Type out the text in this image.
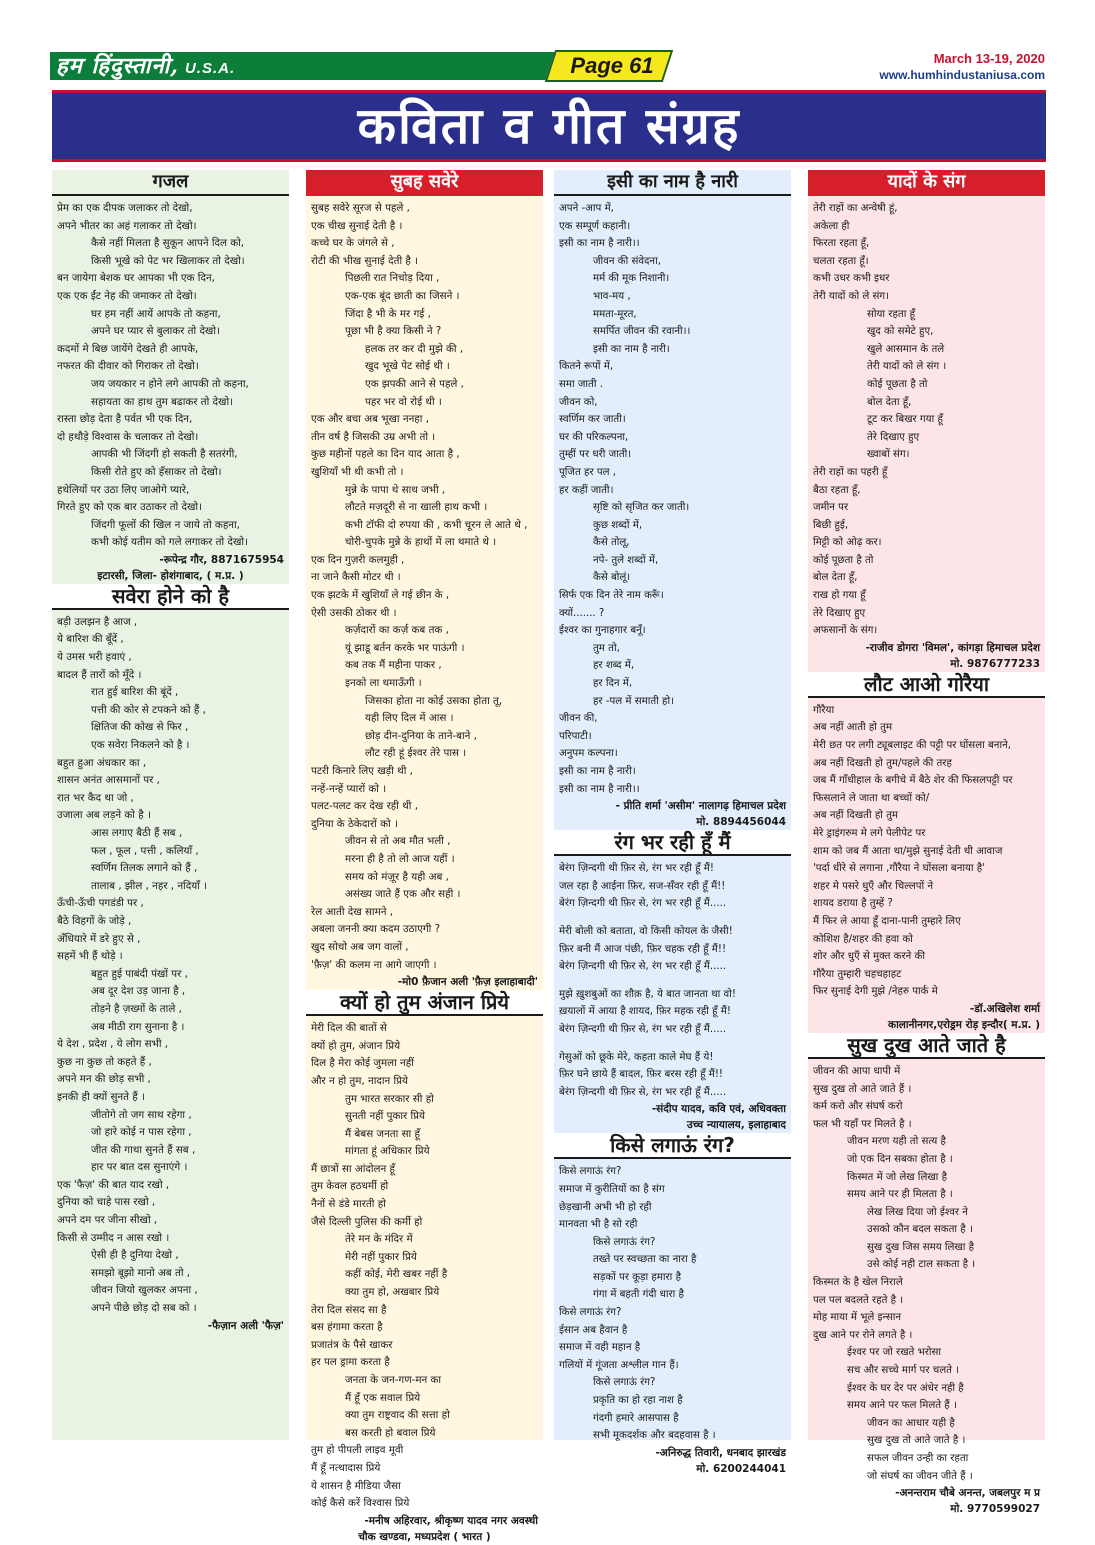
हम हिंदुस्तानी, U.S.A.	Page 61	March 13-19, 2020
www.humhindustaniusa.com
कविता व गीत संग्रह
गजल

प्रेम का एक दीपक जलाकर तो देखो,

अपने भीतर का अहं गलाकर तो देखो।

कैसे नहीं मिलता है सुकून आपने दिल को,

किसी भूखे को पेट भर खिलाकर तो देखो।

बन जायेगा बेशक घर आपका भी एक दिन,

एक एक ईंट नेह की जमाकर तो देखो।

घर हम नहीं आयें आपके तो कहना,

अपने घर प्यार से बुलाकर तो देखो।

कदमों मे बिछ जायेंगे देखते ही आपके,

नफरत की दीवार को गिराकर तो देखो।

जय जयकार न होने लगे आपकी तो कहना,

सहायता का हाथ तुम बढाकर तो देखो।

रास्ता छोड़ देता है पर्वत भी एक दिन,

दो हथौड़े विश्वास के चलाकर तो देखो।

आपकी भी जिंदगी हो सकती है सतरंगी,

किसी रोते हुए को हँसाकर तो देखो।

हथेलियों पर उठा लिए जाओगे प्यारे,

गिरते हुए को एक बार उठाकर तो देखो।

जिंदगी फूलों की खिल न जाये तो कहना,

कभी कोई यतीम को गले लगाकर तो देखो।

-रूपेन्द्र गौर, 8871675954
इटारसी, जिला- होशंगाबाद, ( म.प्र. )
सवेरा होने को है

बड़ी उलझन है आज ,

ये बारिश की बूँदें ,

ये उमस भरी हवाएं ,

बादल हैं तारों को मूँदे ।

रात हुई बारिश की बूंदें ,

पत्ती की कोर से टपकने को हैं ,

क्षितिज की कोख से फिर ,

एक सवेरा निकलने को है ।

बहुत हुआ अंधकार का ,

शासन अनंत आसमानों पर ,

रात भर कैद था जो ,

उजाला अब लड़ने को है ।

आस लगाए बैठी हैं सब ,

फल , फूल , पत्ती , कलियाँ ,

स्वर्णिम तिलक लगाने को हैं ,

तालाब , झील , नहर , नदियाँ ।

ऊँची-ऊँची पगडंडी पर ,

बैठे विहगों के जोड़े ,

अँधियारे में डरे हुए से ,

सहमें भी हैं थोड़े ।

बहुत हुई पाबंदी पंखों पर ,

अब दूर देश उड़ जाना है ,

तोड़ने है ज़ख्मों के ताले ,

अब मीठी राग सुनाना है ।

ये देश , प्रदेश , ये लोग सभी ,

कुछ ना कुछ तो कहते हैं ,

अपने मन की छोड़ सभी ,

इनकी ही क्यों सुनते हैं ।

जीतोगे तो जग साथ रहेगा ,

जो हारे कोई न पास रहेगा ,

जीत की गाथा सुनते हैं सब ,

हार पर बात दस सुनाएंगे ।

एक 'फैज़' की बात याद रखो ,

दुनिया को चाहे पास रखो ,

अपने दम पर जीना सीखो ,

किसी से उम्मीद न आस रखो ।

ऐसी ही है दुनिया देखो ,

समझो बूझो मानो अब तो ,

जीवन जियो खुलकर अपना ,

अपने पीछे छोड़ दो सब को ।

-फैज़ान अली 'फैज़'
सुबह सवेरे

सुबह सवेरे सूरज से पहले ,

एक चीख सुनाई देती है ।

कच्चे घर के जंगले से ,

रोटी की भीख सुनाई देती है ।

पिछली रात निचोड़ दिया ,

एक-एक बूंद छाती का जिसने ।

जिंदा है भी के मर गई ,

पूछा भी है क्या किसी ने ?

हलक तर कर दी मुझे की ,

खुद भूखे पेट सोई थी ।

एक झपकी आने से पहले ,

पहर भर वो रोई थी ।

एक और बचा अब भूखा ननहा ,

तीन वर्ष है जिसकी उम्र अभी तो ।

कुछ महीनों पहले का दिन याद आता है ,

खुशियाँ भी थी कभी तो ।

मुन्ने के पापा थे साथ जभी ,

लौटते मज़दूरी से ना खाली हाथ कभी ।

कभी टॉफी दो रुपया की , कभी चूरन ले आते थे ,

चोरी-चुपके मुन्ने के हाथों में ला थमाते थे ।

एक दिन गुज़री कलमुही ,

ना जाने कैसी मोटर थी ।

एक झटके में खुशियाँ ले गई छीन के ,

ऐसी उसकी ठोकर थी ।

कर्ज़दारों का कर्ज़ कब तक ,

यूं झाडू बर्तन करके भर पाऊंगी ।

कब तक मैं महीना पाकर ,

इनको ला थमाऊँगी ।

जिसका होता ना कोई उसका होता तू,

यही लिए दिल में आस ।

छोड़ दीन-दुनिया के ताने-बाने ,

लौट रही हूं ईश्वर तेरे पास ।

पटरी किनारे लिए खड़ी थी ,

नन्हें-नन्हें प्यारों को ।

पलट-पलट कर देख रही थी ,

दुनिया के ठेकेदारों को ।

जीवन से तो अब मौत भली ,

मरना ही है तो लो आज यहीं ।

समय को मंज़ूर है यही अब ,

असंख्य जाते हैं एक और सही ।

रेल आती देख सामने ,

अबला जननी क्या कदम उठाएगी ?

खुद सोचो अब जग वालों ,

'फ़ैज़' की कलम ना आगे जाएगी ।

-मो0 फ़ैजान अली 'फ़ैज़ इलाहाबादी'
क्यों हो तुम अंजान प्रिये

मेरी दिल की बातों से

क्यों हो तुम, अंजान प्रिये

दिल है मेरा कोई जुमला नहीं

और न हो तुम, नादान प्रिये

तुम भारत सरकार सी हो

सुनती नहीं पुकार प्रिये

मैं बेबस जनता सा हूँ

मांगता हूं अधिकार प्रिये

मैं छात्रों सा आंदोलन हूँ

तुम केवल हठधर्मी हो

नैनों से डंडे मारती हो

जैसे दिल्ली पुलिस की कर्मी हो

तेरे मन के मंदिर में

मेरी नहीं पुकार प्रिये

कहीं कोई, मेरी खबर नहीं है

क्या तुम हो, अखबार प्रिये

तेरा दिल संसद सा है

बस हंगामा करता है

प्रजातंत्र के पैसे खाकर

हर पल ड्रामा करता है

जनता के जन-गण-मन का

मैं हूँ एक सवाल प्रिये

क्या तुम राष्ट्रवाद की सत्ता हो

बस करती हो बवाल प्रिये

तुम हो पीपली लाइव मूवी

मैं हूँ नत्थादास प्रिये

ये शासन है मीडिया जैसा

कोई कैसे करें विश्वास प्रिये

-मनीष अहिरवार, श्रीकृष्ण यादव नगर अवस्थी
चौक खण्डवा, मध्यप्रदेश ( भारत )
इसी का नाम है नारी

अपने -आप में,

एक सम्पूर्ण कहानी।

इसी का नाम है नारी।।

जीवन की संवेदना,

मर्म की मूक निशानी।

भाव-मय ,

ममता-मूरत,

समर्पित जीवन की रवानी।।

इसी का नाम है नारी।

कितने रूपों में,

समा जाती .

जीवन को,

स्वर्णिम कर जाती।

घर की परिकल्पना,

तुम्हीं पर धरी जाती।

पूजित हर पल ,

हर कहीं जाती।

सृष्टि को सृजित कर जाती।

कुछ शब्दों में,

कैसे तोलू,

नपे- तुले शब्दों में,

कैसे बोलूं।

सिर्फ एक दिन तेरे नाम करूँ।

क्यों....... ?

ईश्वर का गुनाहगार बनूँ।

तुम तो,

हर शब्द में,

हर दिन में,

हर -पल में समाती हो।

जीवन की,

परिपाटी।

अनुपम कल्पना।

इसी का नाम है नारी।

इसी का नाम है नारी।।

- प्रीति शर्मा 'असीम' नालागढ़ हिमाचल प्रदेश
मो. 8894456044
रंग भर रही हूँ मैं

बेरंग ज़िन्दगी थी फ़िर से, रंग भर रही हूँ मैं!

जल रहा है आईना फ़िर, सज-सँवर रही हूँ मैं!!

बेरंग ज़िन्दगी थी फ़िर से, रंग भर रही हूँ मैं.....

मेरी बोली को बताता, वो किसी कोयल के जैसी!

फ़िर बनी मैं आज पंछी, फ़िर चहक रही हूँ मैं!!

बेरंग ज़िन्दगी थी फ़िर से, रंग भर रही हूँ मैं.....

मुझे ख़ुशबुओं का शौक़ है, ये बात जानता था वो!

ख़यालों में आया है शायद, फ़िर महक रही हूँ मैं!

बेरंग ज़िन्दगी थी फ़िर से, रंग भर रही हूँ मैं.....

गेसुओं को छूके मेरे, कहता काले मेघ हैं ये!

फ़िर घने छाये हैं बादल, फ़िर बरस रही हूँ मैं!!

बेरंग ज़िन्दगी थी फ़िर से, रंग भर रही हूँ मैं.....

-संदीप यादव, कवि एवं, अधिवक्ता
उच्च न्यायालय, इलाहाबाद
किसे लगाऊं रंग?

किसे लगाऊं रंग?

समाज में कुरीतियों का है संग

छेड़खानी अभी भी हो रही

मानवता भी है सो रही

किसे लगाऊं रंग?

तख्ते पर स्वच्छता का नारा है

सड़कों पर कूड़ा हमारा है

गंगा में बहती गंदी धारा है

किसे लगाऊं रंग?

ईसान अब हैवान है

समाज में वही महान है

गलियों में गूंजता अश्लील गान हैं।

किसे लगाऊं रंग?

प्रकृति का हो रहा नाश है

गंदगी हमारे आसपास है

सभी मूकदर्शक और बदहवास है ।

-अनिरुद्ध तिवारी, धनबाद झारखंड
मो. 6200244041
यादों के संग

तेरी राहों का अन्वेषी हूं,

अकेला ही

फिरता रहता हूँ,

चलता रहता हूँ।

कभी उधर कभी इधर

तेरी यादों को ले संग।

सोया रहता हूँ

खुद को समेटे हुए,

खुले आसमान के तले

तेरी यादों को ले संग ।

कोई पूछता है तो

बोल देता हूँ,

टूट कर बिखर गया हूँ

तेरे दिखाए हुए

ख्वाबों संग।

तेरी राहों का पहरी हूँ

बैठा रहता हूँ,

जमीन पर

बिछी हुई,

मिट्टी को ओढ़ कर।

कोई पूछता है तो

बोल देता हूँ,

राख हो गया हूँ

तेरे दिखाए हुए

अफसानों के संग।

-राजीव डोगरा 'विमल', कांगड़ा हिमाचल प्रदेश
मो. 9876777233
लौट आओ गोरैया

गौरैया

अब नहीं आती हो तुम

मेरी छत पर लगी ट्यूबलाइट की पट्टी पर घोंसला बनाने,

अब नहीं दिखती हो तुम/पहले की तरह

जब मैं गाँधीहाल के बगीचे में बैठे शेर की फिसलपट्टी पर

फिसलाने ले जाता था बच्चों को/

अब नहीं दिखती हो तुम

मेरे ड्राइंगरुम मे लगे पेलीपेट पर

शाम को जब मैं आता था/मुझे सुनाई देती थी आवाज

'पर्दा धीरे से लगाना ,गौरैया ने घोंसला बनाया है'

शहर मे पसरे धुएँ और चिल्लपों ने

शायद डराया है तुम्हें ?

मैं फिर ले आया हूँ दाना-पानी तुम्हारे लिए

कोशिश है/शहर की हवा को

शोर और धुएँ से मुक्त करने की

गौरैया तुम्हारी चहचहाहट

फिर सुनाई देगी मुझे /नेहरु पार्क मे

-डॉ.अखिलेश शर्मा
कालानीनगर,एरोड्रम रोड़ इन्दौर( म.प्र. )
सुख दुख आते जाते है

जीवन की आपा धापी में

सुख दुख तो आते जाते हैं ।

कर्म करो और संघर्ष करो

फल भी यहाँ पर मिलते है ।

जीवन मरण यही तो सत्य है

जो एक दिन सबका होता है ।

किस्मत में जो लेख लिखा है

समय आने पर ही मिलता है ।

लेख लिख दिया जो ईश्वर ने

उसको कौन बदल सकता है ।

सुख दुख जिस समय लिखा है

उसे कोई नही टाल सकता है ।

किस्मत के है खेल निराले

पल पल बदलते रहते है ।

मोह माया में भूले इन्सान

दुख आने पर रोने लगते है ।

ईश्वर पर जो रखते भरोसा

सच और सच्चे मार्ग पर चलते ।

ईश्वर के घर देर पर अंधेर नही है

समय आने पर फल मिलते हैं ।

जीवन का आधार यही है

सुख दुख तो आते जाते है ।

सफल जीवन उन्ही का रहता

जो संघर्ष का जीवन जीते हैं ।

-अनन्तराम चौबे अनन्त, जबलपुर म प्र
मो. 9770599027
